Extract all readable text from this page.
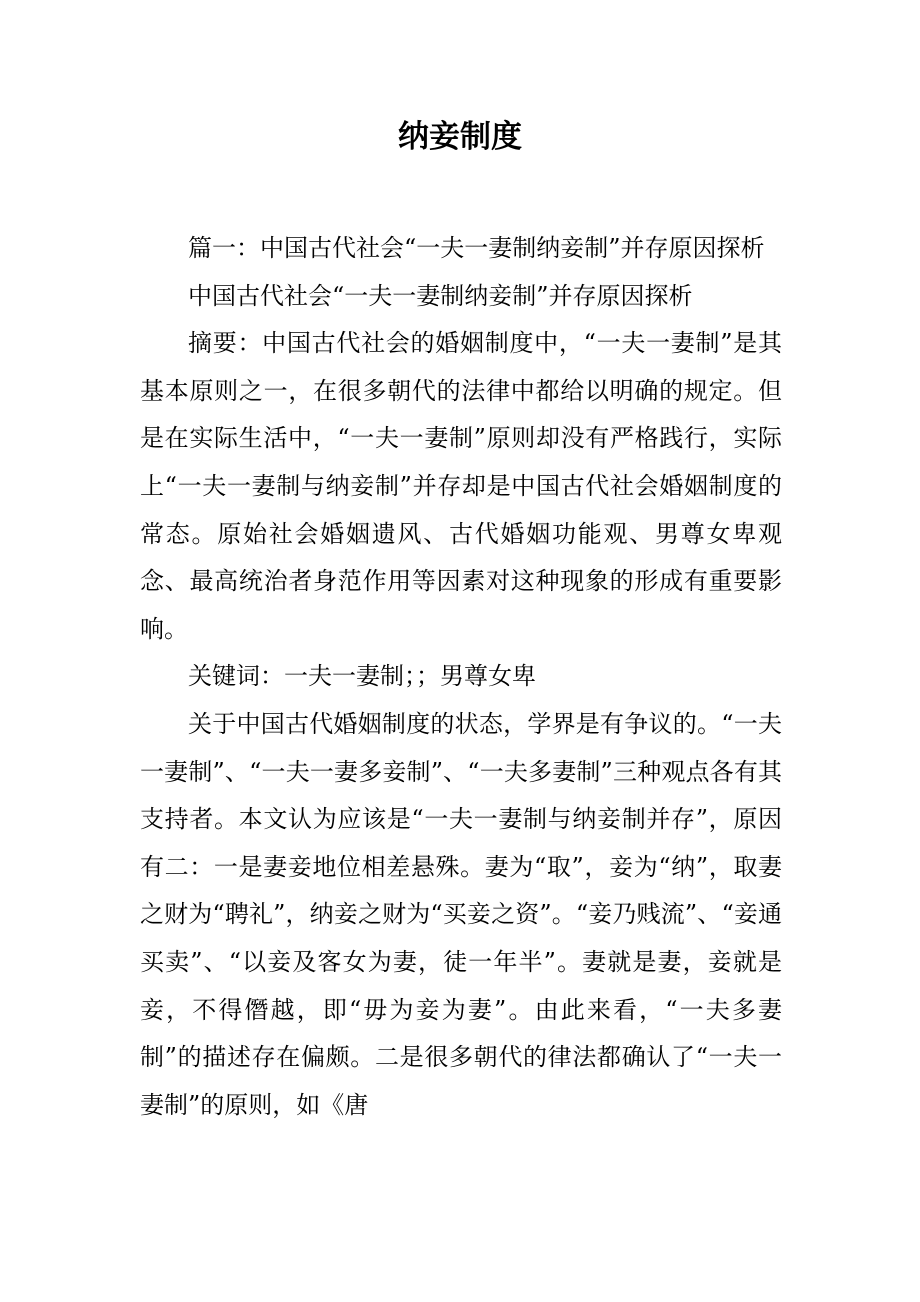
纳妾制度

篇一：中国古代社会“一夫一妻制纳妾制”并存原因探析

中国古代社会“一夫一妻制纳妾制”并存原因探析

摘要：中国古代社会的婚姻制度中，“一夫一妻制”是其基本原则之一，在很多朝代的法律中都给以明确的规定。但是在实际生活中，“一夫一妻制”原则却没有严格践行，实际上“一夫一妻制与纳妾制”并存却是中国古代社会婚姻制度的常态。原始社会婚姻遗风、古代婚姻功能观、男尊女卑观念、最高统治者身范作用等因素对这种现象的形成有重要影响。

关键词：一夫一妻制；；男尊女卑

关于中国古代婚姻制度的状态，学界是有争议的。“一夫一妻制”、“一夫一妻多妾制”、“一夫多妻制”三种观点各有其支持者。本文认为应该是“一夫一妻制与纳妾制并存”，原因有二：一是妻妾地位相差悬殊。妻为“取”，妾为“纳”，取妻之财为“聘礼”，纳妾之财为“买妾之资”。“妾乃贱流”、“妾通买卖”、“以妾及客女为妻，徒一年半”。妻就是妻，妾就是妾，不得僭越，即“毋为妾为妻”。由此来看，“一夫多妻制”的描述存在偏颇。二是很多朝代的律法都确认了“一夫一妻制”的原则，如《唐
